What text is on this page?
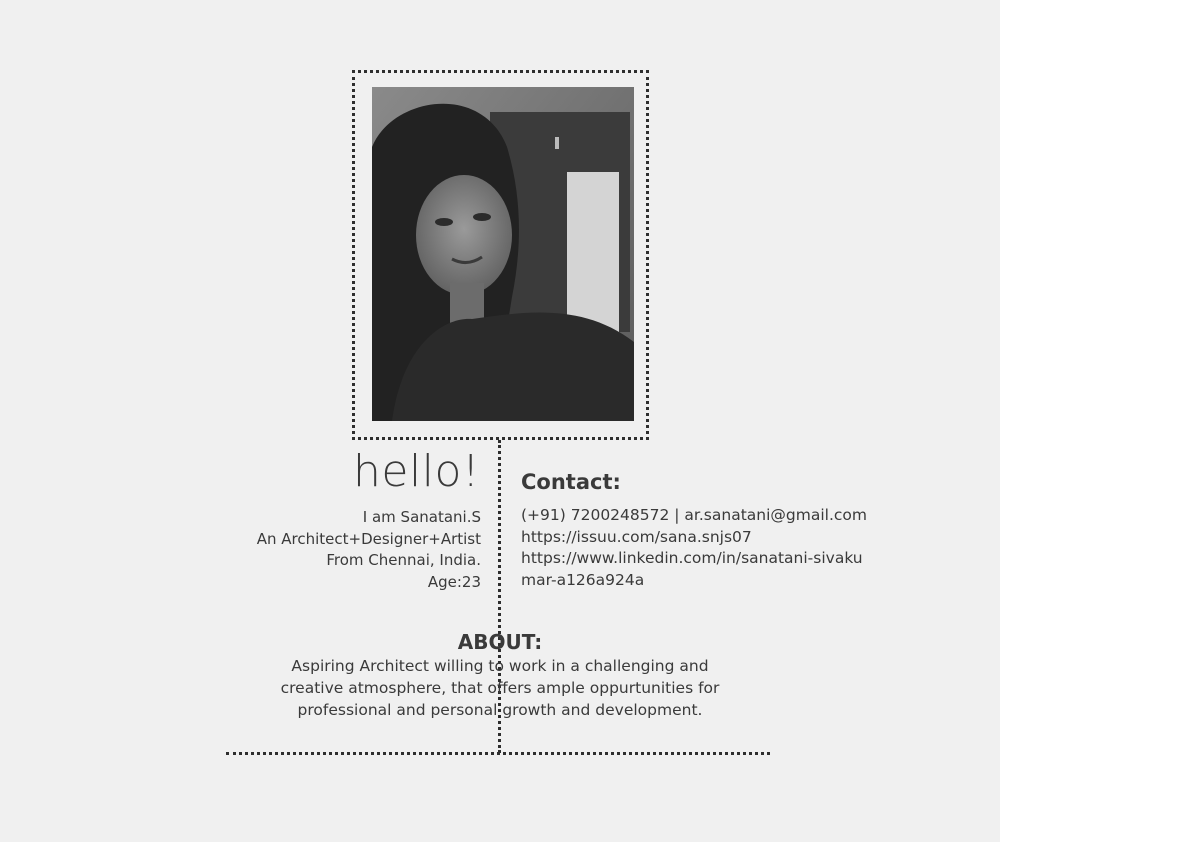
hello!
I am Sanatani.S
An Architect+Designer+Artist
From Chennai, India.
Age:23
Contact:
(+91) 7200248572 | ar.sanatani@gmail.com
https://issuu.com/sana.snjs07
https://www.linkedin.com/in/sanatani-sivaku
mar-a126a924a
ABOUT:
Aspiring Architect willing to work in a challenging and
creative atmosphere, that offers ample oppurtunities for
professional and personal growth and development.
